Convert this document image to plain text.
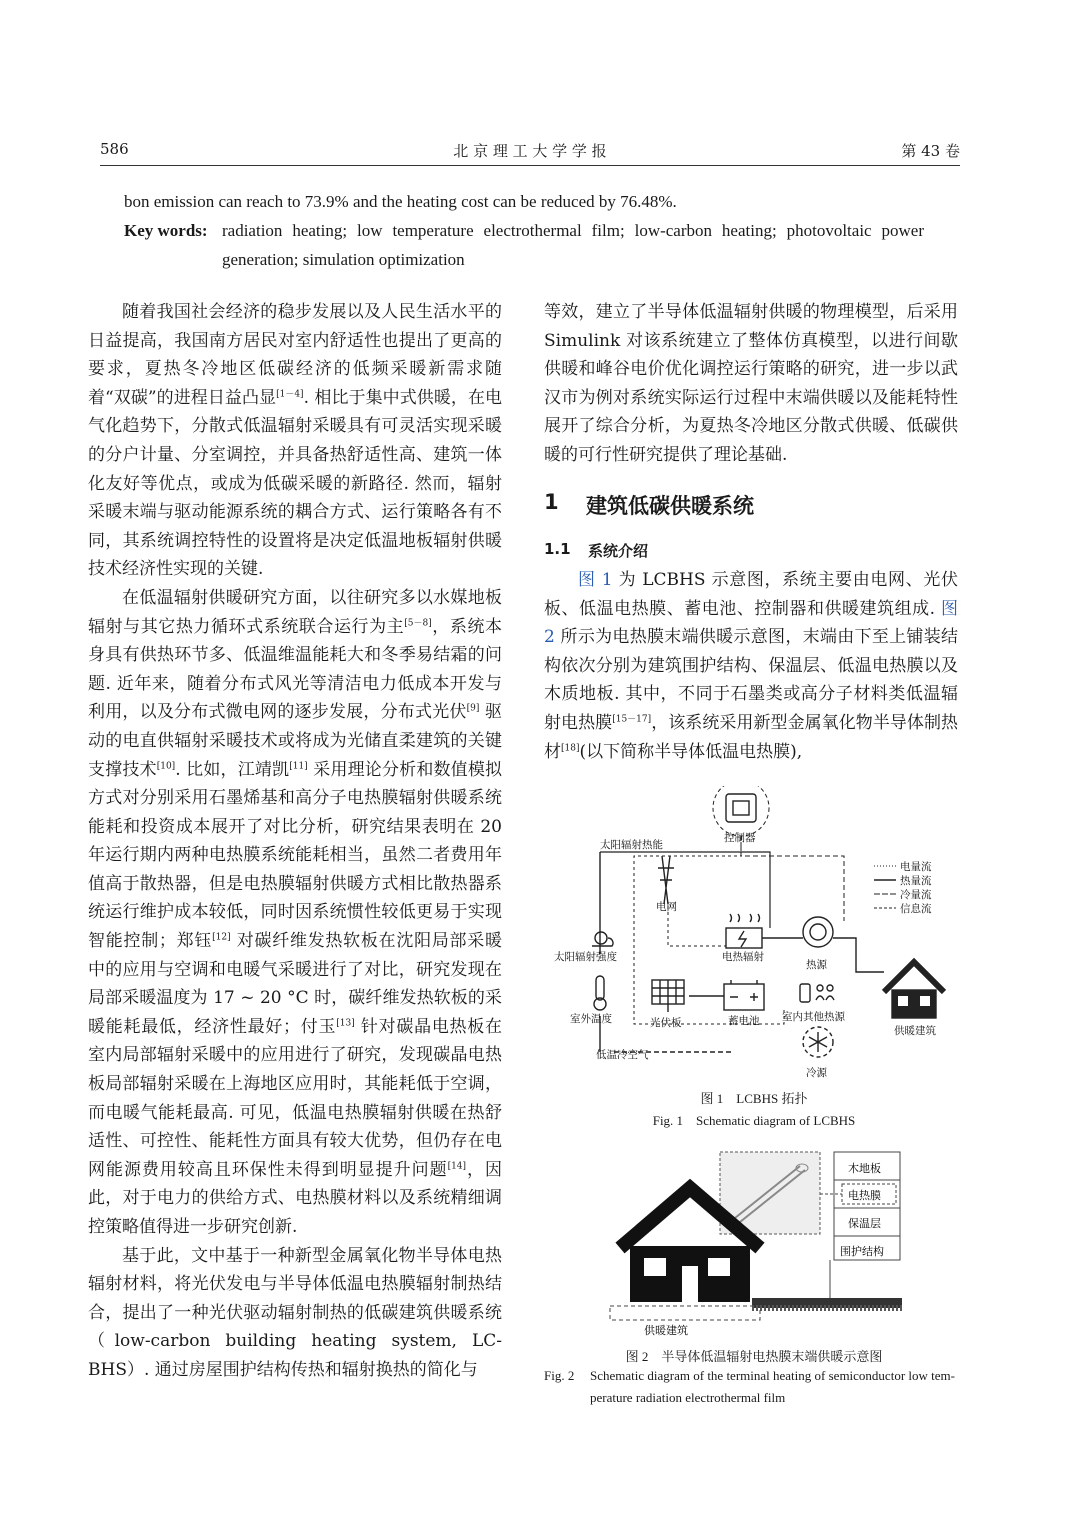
586	北 京 理 工 大 学 学 报	第 43 卷
bon emission can reach to 73.9% and the heating cost can be reduced by 76.48%.
Key words: radiation heating; low temperature electrothermal film; low-carbon heating; photovoltaic power
generation; simulation optimization

随着我国社会经济的稳步发展以及人民生活水平的日益提高，我国南方居民对室内舒适性也提出了更高的要求，夏热冬冷地区低碳经济的低频采暖新需求随着“双碳”的进程日益凸显[1－4]. 相比于集中式供暖，在电气化趋势下，分散式低温辐射采暖具有可灵活实现采暖的分户计量、分室调控，并具备热舒适性高、建筑一体化友好等优点，或成为低碳采暖的新路径. 然而，辐射采暖末端与驱动能源系统的耦合方式、运行策略各有不同，其系统调控特性的设置将是决定低温地板辐射供暖技术经济性实现的关键.

在低温辐射供暖研究方面，以往研究多以水媒地板辐射与其它热力循环式系统联合运行为主[5－8]，系统本身具有供热环节多、低温维温能耗大和冬季易结霜的问题. 近年来，随着分布式风光等清洁电力低成本开发与利用，以及分布式微电网的逐步发展，分布式光伏[9] 驱动的电直供辐射采暖技术或将成为光储直柔建筑的关键支撑技术[10]. 比如，江靖凯[11] 采用理论分析和数值模拟方式对分别采用石墨烯基和高分子电热膜辐射供暖系统能耗和投资成本展开了对比分析，研究结果表明在 20 年运行期内两种电热膜系统能耗相当，虽然二者费用年值高于散热器，但是电热膜辐射供暖方式相比散热器系统运行维护成本较低，同时因系统惯性较低更易于实现智能控制；郑钰[12] 对碳纤维发热软板在沈阳局部采暖中的应用与空调和电暖气采暖进行了对比，研究发现在局部采暖温度为 17 ~ 20 °C 时，碳纤维发热软板的采暖能耗最低，经济性最好；付玉[13] 针对碳晶电热板在室内局部辐射采暖中的应用进行了研究，发现碳晶电热板局部辐射采暖在上海地区应用时，其能耗低于空调，而电暖气能耗最高. 可见，低温电热膜辐射供暖在热舒适性、可控性、能耗性方面具有较大优势，但仍存在电网能源费用较高且环保性未得到明显提升问题[14]，因此，对于电力的供给方式、电热膜材料以及系统精细调控策略值得进一步研究创新.

基于此，文中基于一种新型金属氧化物半导体电热辐射材料，将光伏发电与半导体低温电热膜辐射制热结合，提出了一种光伏驱动辐射制热的低碳建筑供暖系统（low-carbon building heating system, LC-BHS）. 通过房屋围护结构传热和辐射换热的简化与

等效，建立了半导体低温辐射供暖的物理模型，后采用 Simulink 对该系统建立了整体仿真模型，以进行间歇供暖和峰谷电价优化调控运行策略的研究，进一步以武汉市为例对系统实际运行过程中末端供暖以及能耗特性展开了综合分析，为夏热冬冷地区分散式供暖、低碳供暖的可行性研究提供了理论基础.

1 建筑低碳供暖系统
1.1 系统介绍

图 1 为 LCBHS 示意图，系统主要由电网、光伏板、低温电热膜、蓄电池、控制器和供暖建筑组成. 图 2 所示为电热膜末端供暖示意图，末端由下至上铺装结构依次分别为建筑围护结构、保温层、低温电热膜以及木质地板. 其中，不同于石墨类或高分子材料类低温辐射电热膜[15－17]，该系统采用新型金属氧化物半导体制热材[18](以下简称半导体低温电热膜),

控制器
太阳辐射热能
电网
太阳辐射强度	电热辐射
热源
室外温度	光伏板	蓄电池 室内其他热源
供暖建筑
低温冷空气
冷源
电量流
热量流
冷量流
信息流
图 1　LCBHS 拓扑
Fig. 1　Schematic diagram of LCBHS
木地板
电热膜
保温层
围护结构
供暖建筑
图 2　半导体低温辐射电热膜末端供暖示意图
Fig. 2 Schematic diagram of the terminal heating of semiconductor low tem-
perature radiation electrothermal film
